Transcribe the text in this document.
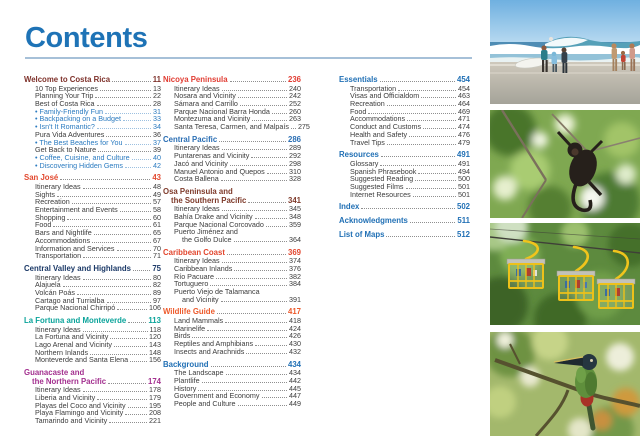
Contents
Welcome to Costa Rica	11
10 Top Experiences	13
Planning Your Trip	22
Best of Costa Rica	28
• Family-Friendly Fun	31
• Backpacking on a Budget	33
• Isn't It Romantic?	34
Pura Vida Adventures	36
• The Best Beaches for You	37
Get Back to Nature	39
• Coffee, Cuisine, and Culture	40
• Discovering Hidden Gems	42
San José	43
Itinerary Ideas	48
Sights	49
Recreation	57
Entertainment and Events	58
Shopping	60
Food	61
Bars and Nightlife	65
Accommodations	67
Information and Services	70
Transportation	71
Central Valley and Highlands	75
Itinerary Ideas	80
Alajuela	82
Volcán Poás	89
Cartago and Turrialba	97
Parque Nacional Chirripó	106
La Fortuna and Monteverde	113
Itinerary Ideas	118
La Fortuna and Vicinity	120
Lago Arenal and Vicinity	143
Northern Inlands	148
Monteverde and Santa Elena	156
Guanacaste and
the Northern Pacific	174
Itinerary Ideas	178
Liberia and Vicinity	179
Playas del Coco and Vicinity	195
Playa Flamingo and Vicinity	208
Tamarindo and Vicinity	221
Nicoya Peninsula	236
Itinerary Ideas	240
Nosara and Vicinity	242
Sámara and Carrillo	252
Parque Nacional Barra Honda	260
Montezuma and Vicinity	263
Santa Teresa, Carmen, and Malpaís 275
Central Pacific	286
Itinerary Ideas	289
Puntarenas and Vicinity	292
Jacó and Vicinity	298
Manuel Antonio and Quepos	310
Costa Ballena	328
Osa Peninsula and
the Southern Pacific	341
Itinerary Ideas	345
Bahía Drake and Vicinity	348
Parque Nacional Corcovado	359
Puerto Jiménez and
the Golfo Dulce	364
Caribbean Coast	369
Itinerary Ideas	374
Caribbean Inlands	376
Río Pacuare	382
Tortuguero	384
Puerto Viejo de Talamanca
and Vicinity	391
Wildlife Guide	417
Land Mammals	418
Marinelife	424
Birds	426
Reptiles and Amphibians	430
Insects and Arachnids	432
Background	434
The Landscape	434
Plantlife	442
History	445
Government and Economy	447
People and Culture	449
Essentials	454
Transportation	454
Visas and Officialdom	463
Recreation	464
Food	469
Accommodations	471
Conduct and Customs	474
Health and Safety	476
Travel Tips	479
Resources	491
Glossary	491
Spanish Phrasebook	494
Suggested Reading	500
Suggested Films	501
Internet Resources	501
Index	502
Acknowledgments	511
List of Maps	512
